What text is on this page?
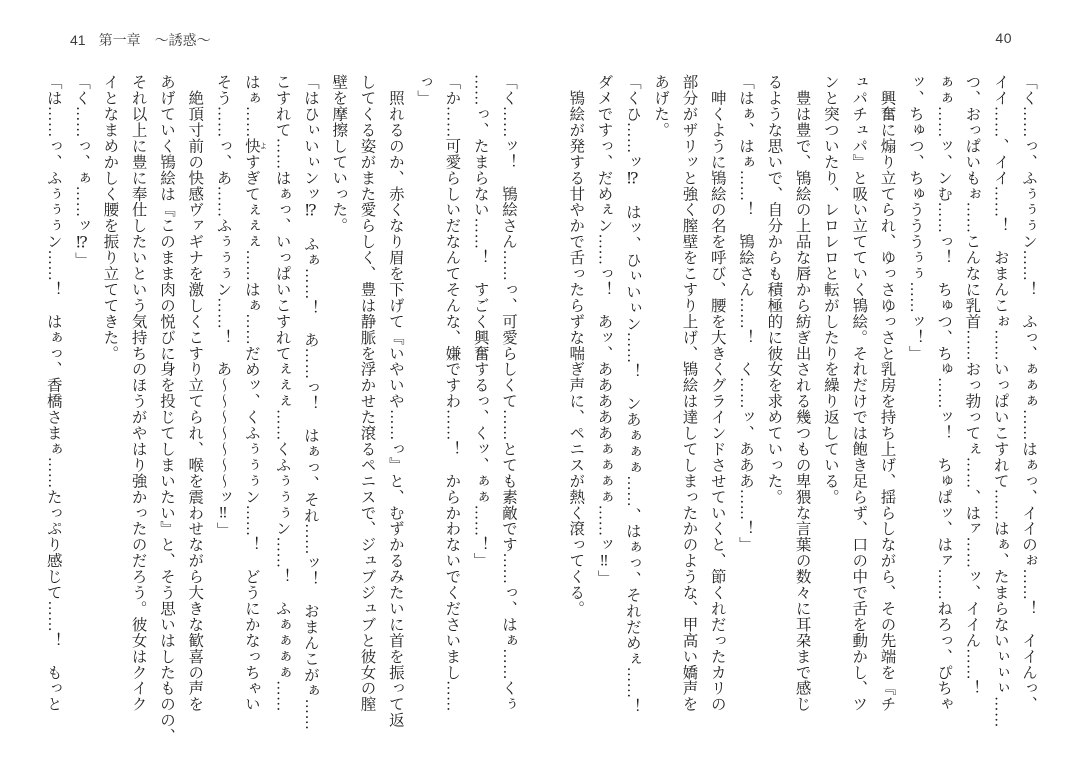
40

「く……っ、ふぅぅぅン……！　ふっ、ぁぁぁ……はぁっ、イイのぉ……！　イイんっ、

イイ……、イイ……！　おまんこぉ……いっぱいこすれて……はぁ、たまらないぃぃぃ……

つ、おっぱいもぉ……こんなに乳首……おっ勃ってぇ……、はァ……ッ、イイん……！

ぁぁ……ッ、ンむ……っ！　ちゅつ、ちゅ……ッ！　ちゅぱッ、はァ……ねろっ、ぴちゃ

ッ、ちゅつ、ちゅうううぅぅ……ッ！」

　興奮に煽り立てられ、ゆっさゆっさと乳房を持ち上げ、揺らしながら、その先端を『チ

ュパチュパ』と吸い立てていく鴇絵。それだけでは飽き足らず、口の中で舌を動かし、ツ

ンと突ついたり、レロレロと転がしたりを繰り返している。

　豊は豊で、鴇絵の上品な唇から紡ぎ出される幾つもの卑猥な言葉の数々に耳朶まで感じ

るような思いで、自分からも積極的に彼女を求めていった。

「はぁ、はぁ……！　鴇絵さん……！　く……ッ、あああ……！」

　呻くように鴇絵の名を呼び、腰を大きくグラインドさせていくと、節くれだったカリの

部分がザリッと強く膣壁をこすり上げ、鴇絵は達してしまったかのような、甲高い嬌声を

あげた。

「くひ……ッ⁉　はッ、ひぃいぃン……！　ンあぁぁぁ……、はぁっ、それだめぇ……！

ダメですっ、だめぇン……っ！　あッ、あああああぁぁぁぁ……ッ‼」

　鴇絵が発する甘やかで舌ったらずな喘ぎ声に、ペニスが熱く滾ってくる。

41 第一章　～誘惑～

「く……ッ！　鴇絵さん……っ、可愛らしくて……とても素敵です……っ、はぁ……くぅ

……っ、たまらない……！　すごく興奮するっ、くッ、ぁぁ……！」

「か……可愛らしいだなんてそんな、嫌ですわ……！　からかわないでくださいまし……

っ」

　照れるのか、赤くなり眉を下げて『いやいや……っ』と、むずかるみたいに首を振って返

してくる姿がまた愛らしく、豊は静脈を浮かせた滾るペニスで、ジュブジュブと彼女の膣

壁を摩擦していった。

「はひぃいぃンッ⁉　ふぁ……！　あ……っ！　はぁっ、それ……ッ！　おまんこがぁ……

こすれて……はぁっ、いっぱいこすれてぇぇぇ……くふぅぅぅン……！　ふぁぁぁぁ……

はぁ……快 よすぎてぇぇぇ……はぁ……だめッ、くふぅぅぅン……！　どうにかなっちゃい

そう……っ、あ……ふぅぅぅン……！　あ～～～～～～～ッ‼」

　絶頂寸前の快感ヴァギナを激しくこすり立てられ、喉を震わせながら大きな歓喜の声を

あげていく鴇絵は『このまま肉の悦びに身を投じてしまいたい』と、そう思いはしたものの、

それ以上に豊に奉仕したいという気持ちのほうがやはり強かったのだろう。彼女はクイク

イとなまめかしく腰を振り立ててきた。

「く……っ、ぁ……ッ⁉」

「は……っ、ふぅぅぅン……！　はぁっ、香橋さまぁ……たっぷり感じて……！　もっと
